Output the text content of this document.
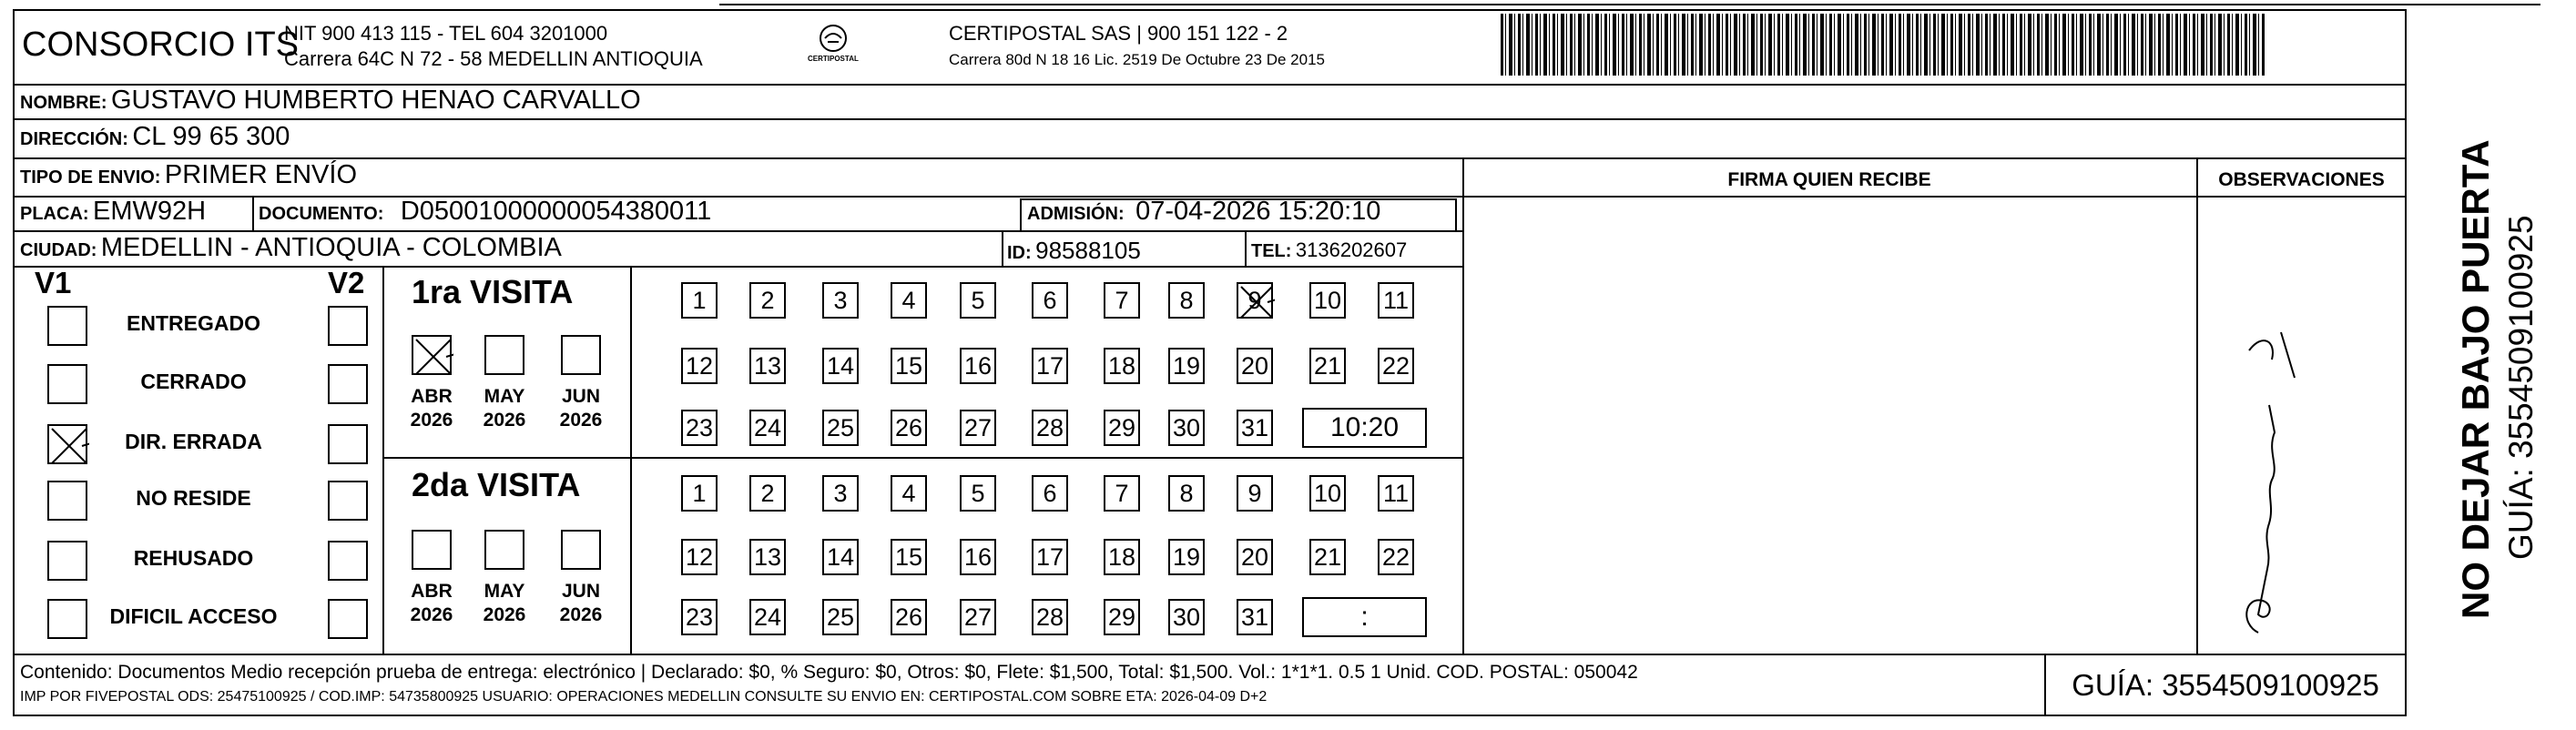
CONSORCIO ITS
NIT 900 413 115 - TEL 604 3201000
Carrera 64C N 72 - 58 MEDELLIN ANTIOQUIA	CERTIPOSTAL
CERTIPOSTAL SAS | 900 151 122 - 2
Carrera 80d N 18 16 Lic. 2519 De Octubre 23 De 2015
NOMBRE: GUSTAVO HUMBERTO HENAO CARVALLO
DIRECCIÓN: CL 99 65 300
TIPO DE ENVIO: PRIMER ENVÍO
PLACA: EMW92H	DOCUMENTO: D05001000000054380011	ADMISIÓN: 07-04-2026 15:20:10
CIUDAD: MEDELLIN - ANTIOQUIA - COLOMBIA	ID: 98588105	TEL: 3136202607
FIRMA QUIEN RECIBE	OBSERVACIONES
V1	V2
ENTREGADO
CERRADO
DIR. ERRADA
NO RESIDE
REHUSADO
DIFICIL ACCESO
1ra VISITA
2da VISITA
ABR
2026
MAY
2026
JUN
2026
ABR
2026
MAY
2026
JUN
2026
1	2	3	4	5	6	7	8	9	10 11
12 13 14 15 16 17 18 19 20 21 22
23 24 25 26 27 28 29 30 31	10:20
1	2	3	4	5	6	7	8	9	10 11
12 13 14 15 16 17 18 19 20 21 22
23 24 25 26 27 28 29 30 31	:
Contenido: Documentos Medio recepción prueba de entrega: electrónico | Declarado: $0, % Seguro: $0, Otros: $0, Flete: $1,500, Total: $1,500. Vol.: 1*1*1. 0.5 1 Unid. COD. POSTAL: 050042
IMP POR FIVEPOSTAL ODS: 25475100925 / COD.IMP: 54735800925 USUARIO: OPERACIONES MEDELLIN CONSULTE SU ENVIO EN: CERTIPOSTAL.COM SOBRE ETA: 2026-04-09 D+2	GUÍA: 3554509100925
NO DEJAR BAJO PUERTA GUÍA: 3554509100925
